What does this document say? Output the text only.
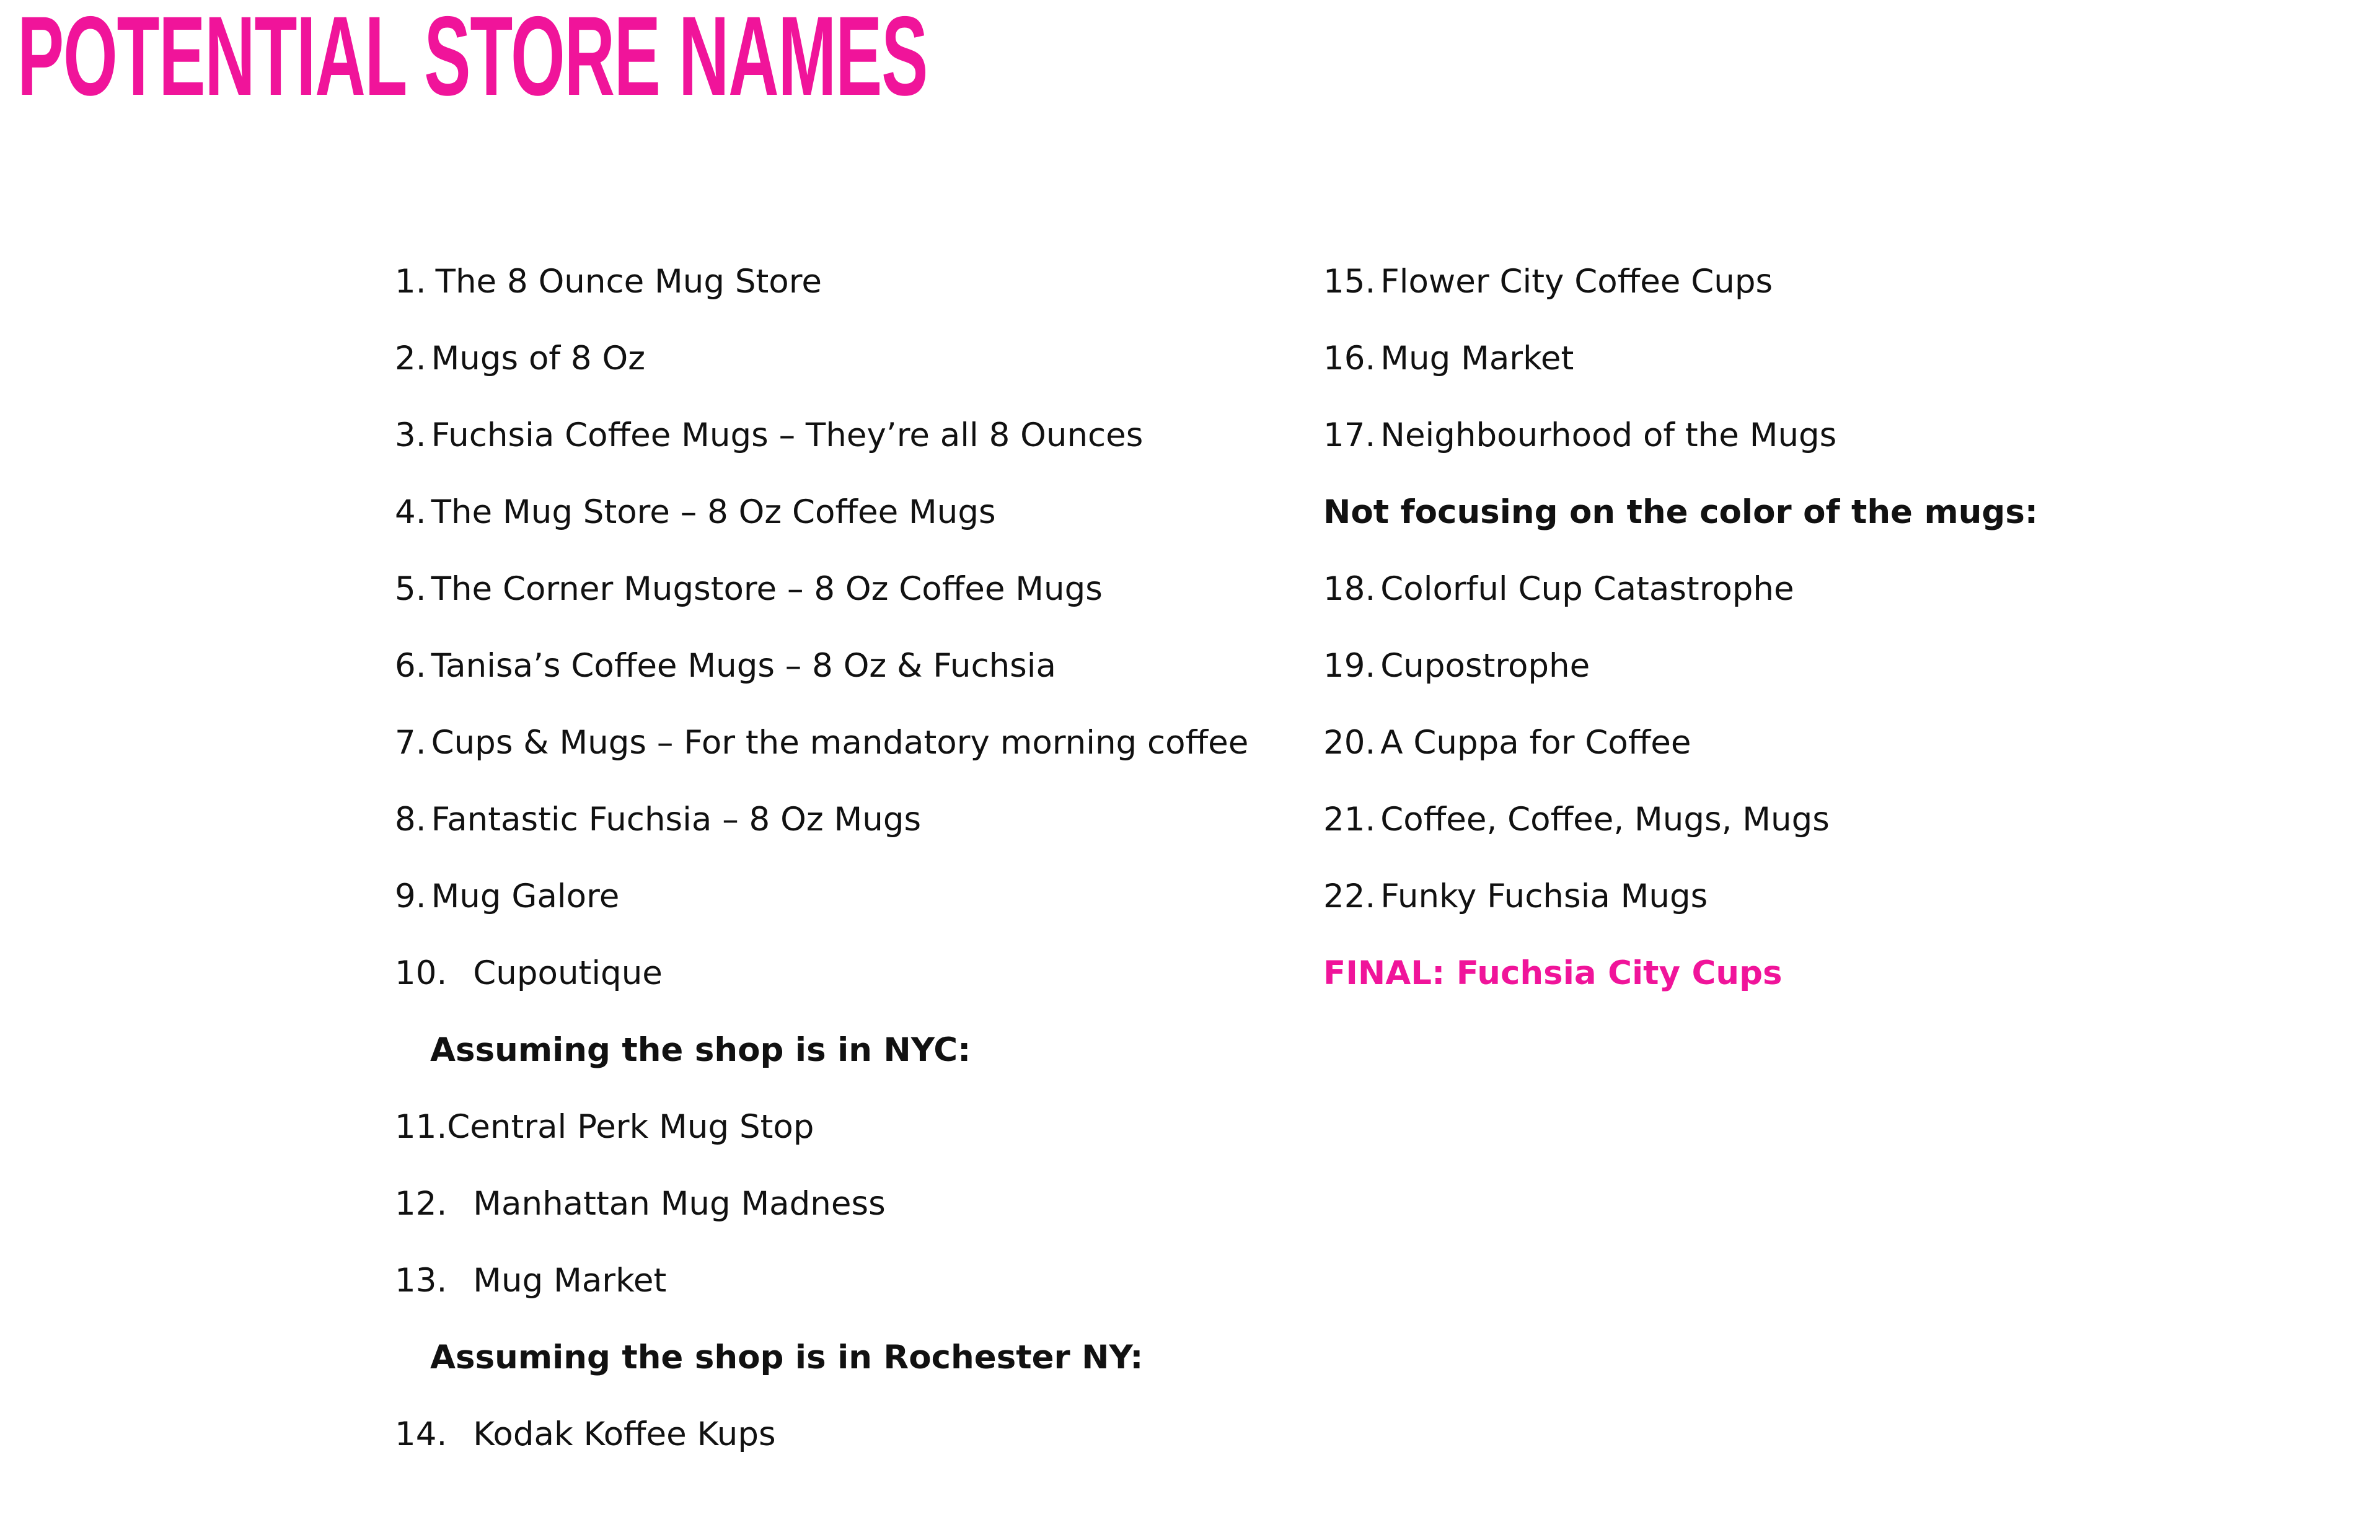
POTENTIAL STORE NAMES
1. The 8 Ounce Mug Store
2. Mugs of 8 Oz
3. Fuchsia Coffee Mugs – They’re all 8 Ounces
4. The Mug Store – 8 Oz Coffee Mugs
5. The Corner Mugstore – 8 Oz Coffee Mugs
6. Tanisa’s Coffee Mugs – 8 Oz & Fuchsia
7. Cups & Mugs – For the mandatory morning coffee
8. Fantastic Fuchsia – 8 Oz Mugs
9. Mug Galore
10. Cupoutique
Assuming the shop is in NYC:
11. Central Perk Mug Stop
12. Manhattan Mug Madness
13. Mug Market
Assuming the shop is in Rochester NY:
14. Kodak Koffee Kups
15. Flower City Coffee Cups
16. Mug Market
17. Neighbourhood of the Mugs
Not focusing on the color of the mugs:
18. Colorful Cup Catastrophe
19. Cupostrophe
20. A Cuppa for Coffee
21. Coffee, Coffee, Mugs, Mugs
22. Funky Fuchsia Mugs
FINAL: Fuchsia City Cups
